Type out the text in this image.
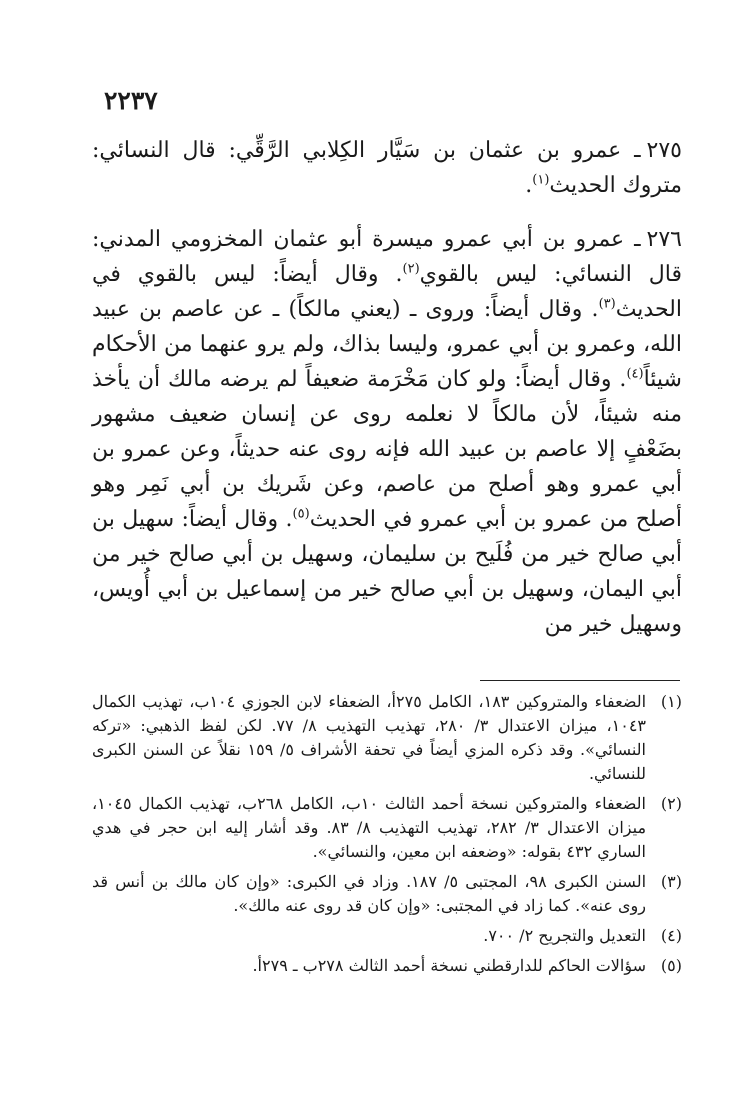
٢٢٣٧

٢٧٥ـ عمرو بن عثمان بن سَيَّار الكِلابي الرَّقِّي: قال النسائي: متروك الحديث$^{(١)}$.

٢٧٦ـ عمرو بن أبي عمرو ميسرة أبو عثمان المخزومي المدني: قال النسائي: ليس بالقوي$^{(٢)}$. وقال أيضاً: ليس بالقوي في الحديث$^{(٣)}$. وقال أيضاً: وروى ـ (يعني مالكاً) ـ عن عاصم بن عبيد الله، وعمرو بن أبي عمرو، وليسا بذاك، ولم يرو عنهما من الأحكام شيئاً$^{(٤)}$. وقال أيضاً: ولو كان مَخْرَمة ضعيفاً لم يرضه مالك أن يأخذ منه شيئاً، لأن مالكاً لا نعلمه روى عن إنسان ضعيف مشهور بضَعْفٍ إلا عاصم بن عبيد الله فإنه روى عنه حديثاً، وعن عمرو بن أبي عمرو وهو أصلح من عاصم، وعن شَريك بن أبي نَمِر وهو أصلح من عمرو بن أبي عمرو في الحديث$^{(٥)}$. وقال أيضاً: سهيل بن أبي صالح خير من فُلَيح بن سليمان، وسهيل بن أبي صالح خير من أبي اليمان، وسهيل بن أبي صالح خير من إسماعيل بن أبي أُويس، وسهيل خير من

(١)
الضعفاء والمتروكين ١٨٣، الكامل ٢٧٥أ، الضعفاء لابن الجوزي ١٠٤ب، تهذيب الكمال ١٠٤٣، ميزان الاعتدال ٣/ ٢٨٠، تهذيب التهذيب ٨/ ٧٧. لكن لفظ الذهبي: «تركه النسائي». وقد ذكره المزي أيضاً في تحفة الأشراف ٥/ ١٥٩ نقلاً عن السنن الكبرى للنسائي.
(٢)
الضعفاء والمتروكين نسخة أحمد الثالث ١٠ب، الكامل ٢٦٨ب، تهذيب الكمال ١٠٤٥، ميزان الاعتدال ٣/ ٢٨٢، تهذيب التهذيب ٨/ ٨٣. وقد أشار إليه ابن حجر في هدي الساري ٤٣٢ بقوله: «وضعفه ابن معين، والنسائي».
(٣)
السنن الكبرى ٩٨، المجتبى ٥/ ١٨٧. وزاد في الكبرى: «وإن كان مالك بن أنس قد روى عنه». كما زاد في المجتبى: «وإن كان قد روى عنه مالك».
(٤)
التعديل والتجريح ٢/ ٧٠٠.
(٥)
سؤالات الحاكم للدارقطني نسخة أحمد الثالث ٢٧٨ب ـ ٢٧٩أ.
